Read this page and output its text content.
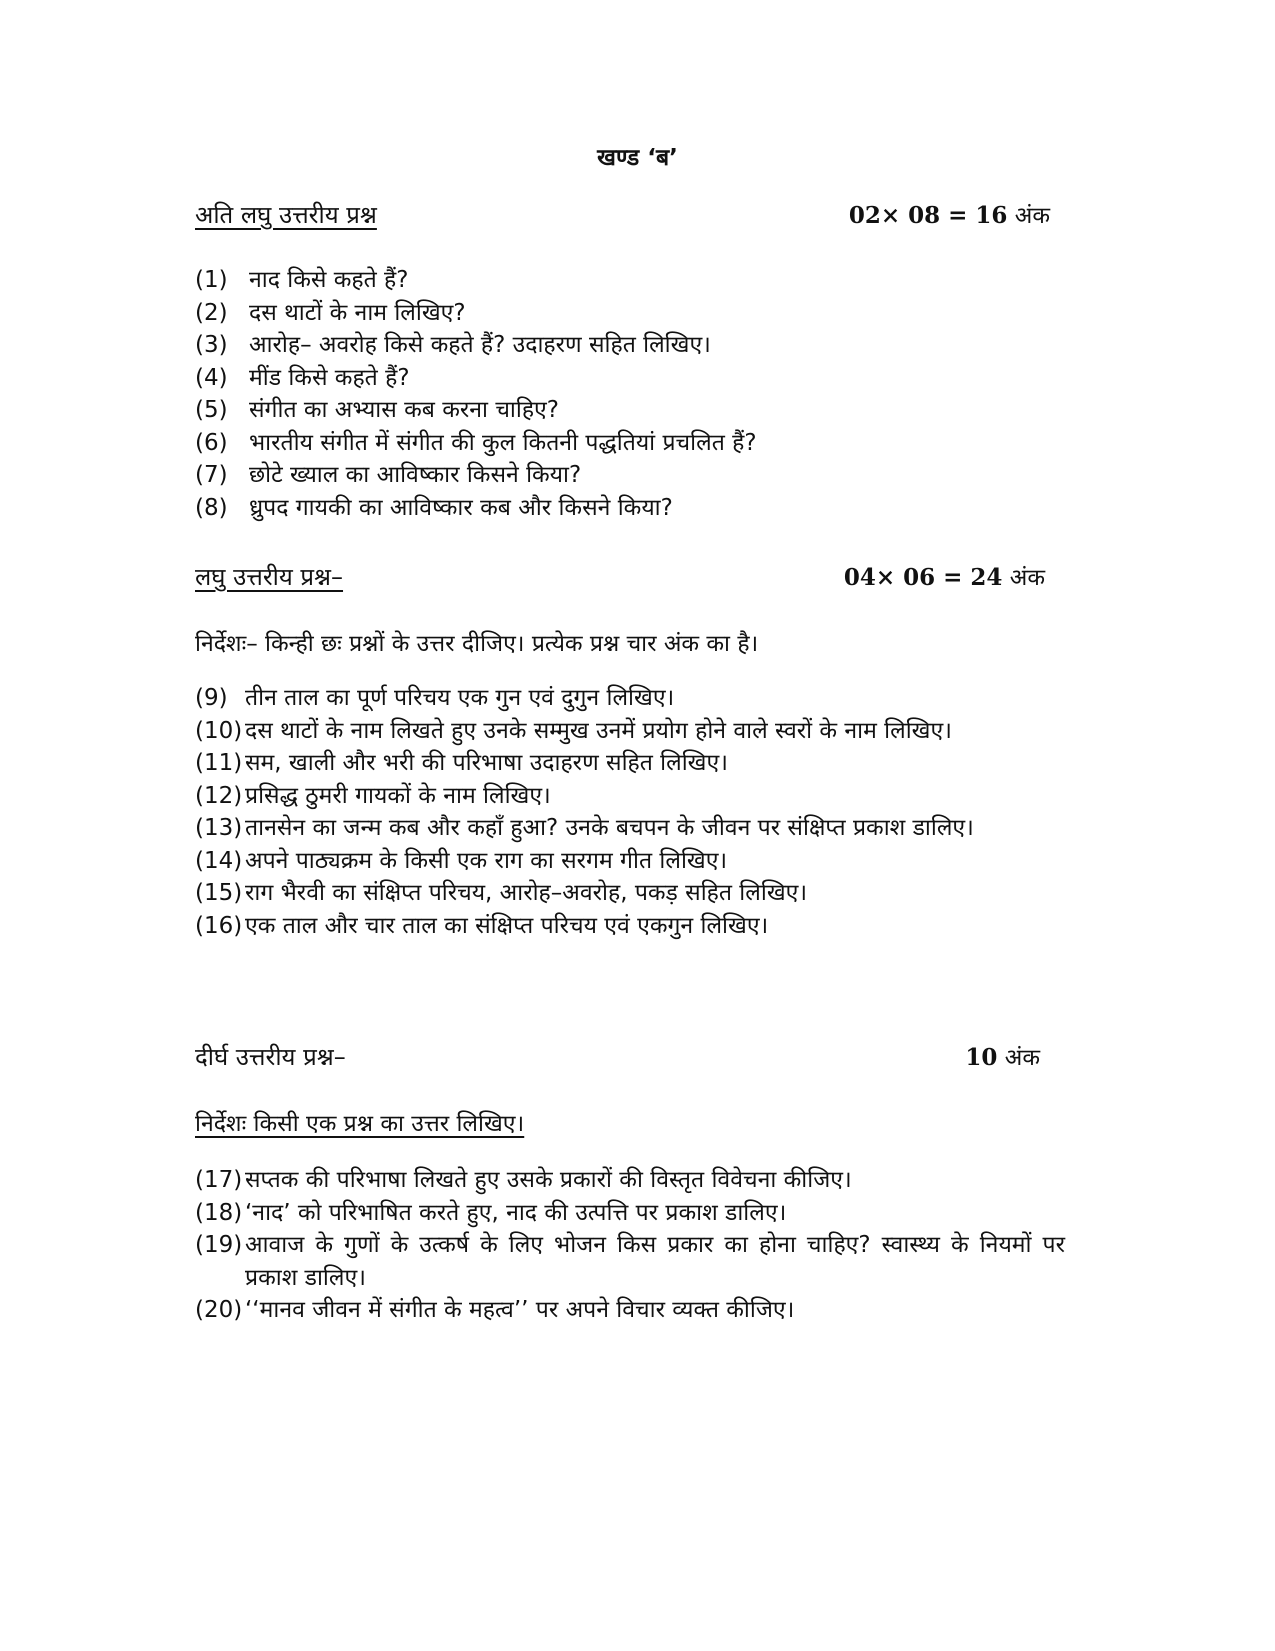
खण्ड ‘ब’
अति लघु उत्तरीय प्रश्न	02× 08 = 16 अंक
(1) नाद किसे कहते हैं?
(2) दस थाटों के नाम लिखिए?
(3) आरोह– अवरोह किसे कहते हैं? उदाहरण सहित लिखिए।
(4) मींड किसे कहते हैं?
(5) संगीत का अभ्यास कब करना चाहिए?
(6) भारतीय संगीत में संगीत की कुल कितनी पद्धतियां प्रचलित हैं?
(7) छोटे ख्याल का आविष्कार किसने किया?
(8) ध्रुपद गायकी का आविष्कार कब और किसने किया?
लघु उत्तरीय प्रश्न–	04× 06 = 24 अंक
निर्देशः– किन्ही छः प्रश्नों के उत्तर दीजिए। प्रत्येक प्रश्न चार अंक का है।
(9) तीन ताल का पूर्ण परिचय एक गुन एवं दुगुन लिखिए।
(10) दस थाटों के नाम लिखते हुए उनके सम्मुख उनमें प्रयोग होने वाले स्वरों के नाम लिखिए।
(11) सम, खाली और भरी की परिभाषा उदाहरण सहित लिखिए।
(12) प्रसिद्ध ठुमरी गायकों के नाम लिखिए।
(13) तानसेन का जन्म कब और कहाँ हुआ? उनके बचपन के जीवन पर संक्षिप्त प्रकाश डालिए।
(14) अपने पाठ्यक्रम के किसी एक राग का सरगम गीत लिखिए।
(15) राग भैरवी का संक्षिप्त परिचय, आरोह–अवरोह, पकड़ सहित लिखिए।
(16) एक ताल और चार ताल का संक्षिप्त परिचय एवं एकगुन लिखिए।
दीर्घ उत्तरीय प्रश्न–	10 अंक
निर्देशः किसी एक प्रश्न का उत्तर लिखिए।
(17) सप्तक की परिभाषा लिखते हुए उसके प्रकारों की विस्तृत विवेचना कीजिए।
(18) ‘नाद’ को परिभाषित करते हुए, नाद की उत्पत्ति पर प्रकाश डालिए।
(19) आवाज के गुणों के उत्कर्ष के लिए भोजन किस प्रकार का होना चाहिए? स्वास्थ्य के नियमों पर प्रकाश डालिए।
(20) ‘‘मानव जीवन में संगीत के महत्व’’ पर अपने विचार व्यक्त कीजिए।
